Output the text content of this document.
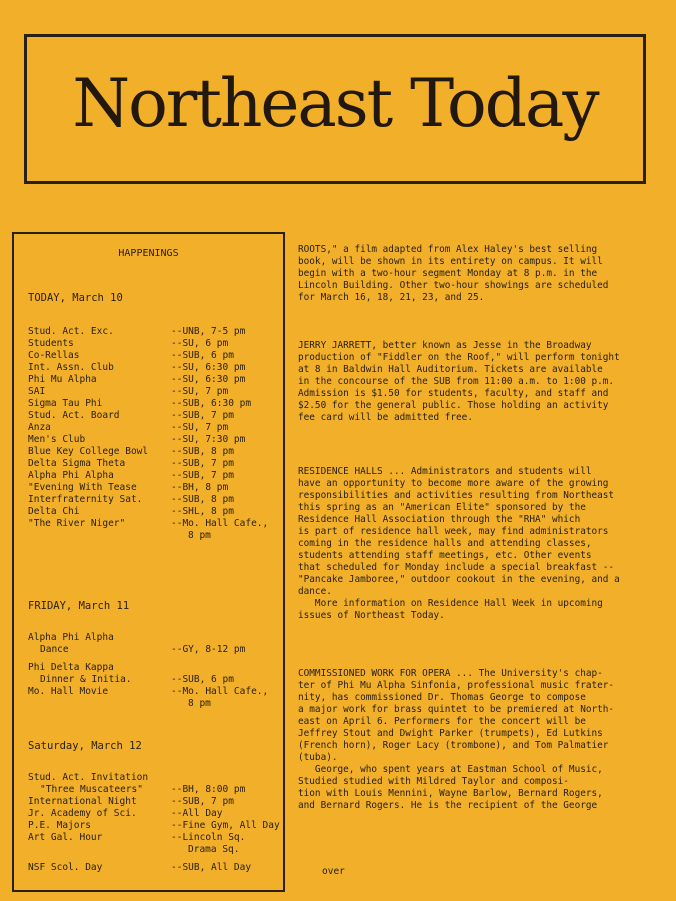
Northeast Today
HAPPENINGS
TODAY, March 10
Stud. Act. Exc.	--UNB, 7-5 pm
Students	--SU, 6 pm
Co-Rellas	--SUB, 6 pm
Int. Assn. Club	--SU, 6:30 pm
Phi Mu Alpha	--SU, 6:30 pm
SAI	--SU, 7 pm
Sigma Tau Phi	--SUB, 6:30 pm
Stud. Act. Board	--SUB, 7 pm
Anza	--SU, 7 pm
Men's Club	--SU, 7:30 pm
Blue Key College Bowl --SUB, 8 pm
Delta Sigma Theta	--SUB, 7 pm
Alpha Phi Alpha	--SUB, 7 pm
"Evening With Tease	--BH, 8 pm
Interfraternity Sat.	--SUB, 8 pm
Delta Chi	--SHL, 8 pm
"The River Niger"	--Mo. Hall Cafe.,
8 pm
FRIDAY, March 11
Alpha Phi Alpha
Dance	--GY, 8-12 pm
Phi Delta Kappa
Dinner & Initia.	--SUB, 6 pm
Mo. Hall Movie	--Mo. Hall Cafe.,
8 pm
Saturday, March 12
Stud. Act. Invitation
"Three Muscateers"	--BH, 8:00 pm
International Night	--SUB, 7 pm
Jr. Academy of Sci.	--All Day
P.E. Majors	--Fine Gym, All Day
Art Gal. Hour	--Lincoln Sq.
Drama Sq.
NSF Scol. Day	--SUB, All Day
ROOTS," a film adapted from Alex Haley's best selling
book, will be shown in its entirety on campus. It will
begin with a two-hour segment Monday at 8 p.m. in the
Lincoln Building. Other two-hour showings are scheduled
for March 16, 18, 21, 23, and 25.
JERRY JARRETT, better known as Jesse in the Broadway
production of "Fiddler on the Roof," will perform tonight
at 8 in Baldwin Hall Auditorium. Tickets are available
in the concourse of the SUB from 11:00 a.m. to 1:00 p.m.
Admission is $1.50 for students, faculty, and staff and
$2.50 for the general public. Those holding an activity
fee card will be admitted free.
RESIDENCE HALLS ... Administrators and students will
have an opportunity to become more aware of the growing
responsibilities and activities resulting from Northeast
this spring as an "American Elite" sponsored by the
Residence Hall Association through the "RHA" which
is part of residence hall week, may find administrators
coming in the residence halls and attending classes,
students attending staff meetings, etc. Other events
that scheduled for Monday include a special breakfast --
"Pancake Jamboree," outdoor cookout in the evening, and a
dance.
More information on Residence Hall Week in upcoming
issues of Northeast Today.
COMMISSIONED WORK FOR OPERA ... The University's chap-
ter of Phi Mu Alpha Sinfonia, professional music frater-
nity, has commissioned Dr. Thomas George to compose
a major work for brass quintet to be premiered at North-
east on April 6. Performers for the concert will be
Jeffrey Stout and Dwight Parker (trumpets), Ed Lutkins
(French horn), Roger Lacy (trombone), and Tom Palmatier
(tuba).
George, who spent years at Eastman School of Music,
Studied studied with Mildred Taylor and composi-
tion with Louis Mennini, Wayne Barlow, Bernard Rogers,
and Bernard Rogers. He is the recipient of the George
over
